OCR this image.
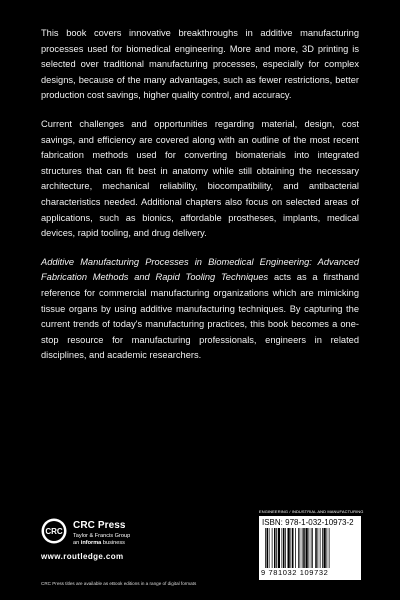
This book covers innovative breakthroughs in additive manufacturing processes used for biomedical engineering. More and more, 3D printing is selected over traditional manufacturing processes, especially for complex designs, because of the many advantages, such as fewer restrictions, better production cost savings, higher quality control, and accuracy.

Current challenges and opportunities regarding material, design, cost savings, and efficiency are covered along with an outline of the most recent fabrication methods used for converting biomaterials into integrated structures that can fit best in anatomy while still obtaining the necessary architecture, mechanical reliability, biocompatibility, and antibacterial characteristics needed. Additional chapters also focus on selected areas of applications, such as bionics, affordable prostheses, implants, medical devices, rapid tooling, and drug delivery.

Additive Manufacturing Processes in Biomedical Engineering: Advanced Fabrication Methods and Rapid Tooling Techniques acts as a firsthand reference for commercial manufacturing organizations which are mimicking tissue organs by using additive manufacturing techniques. By capturing the current trends of today's manufacturing practices, this book becomes a one-stop resource for manufacturing professionals, engineers in related disciplines, and academic researchers.

CRC
CRC Press
Taylor & Francis Group
an informa business
www.routledge.com
CRC Press titles are available as eBook editions in a range of digital formats
ENGINEERING / INDUSTRIAL AND MANUFACTURING
ISBN: 978-1-032-10973-2
9 781032 109732
